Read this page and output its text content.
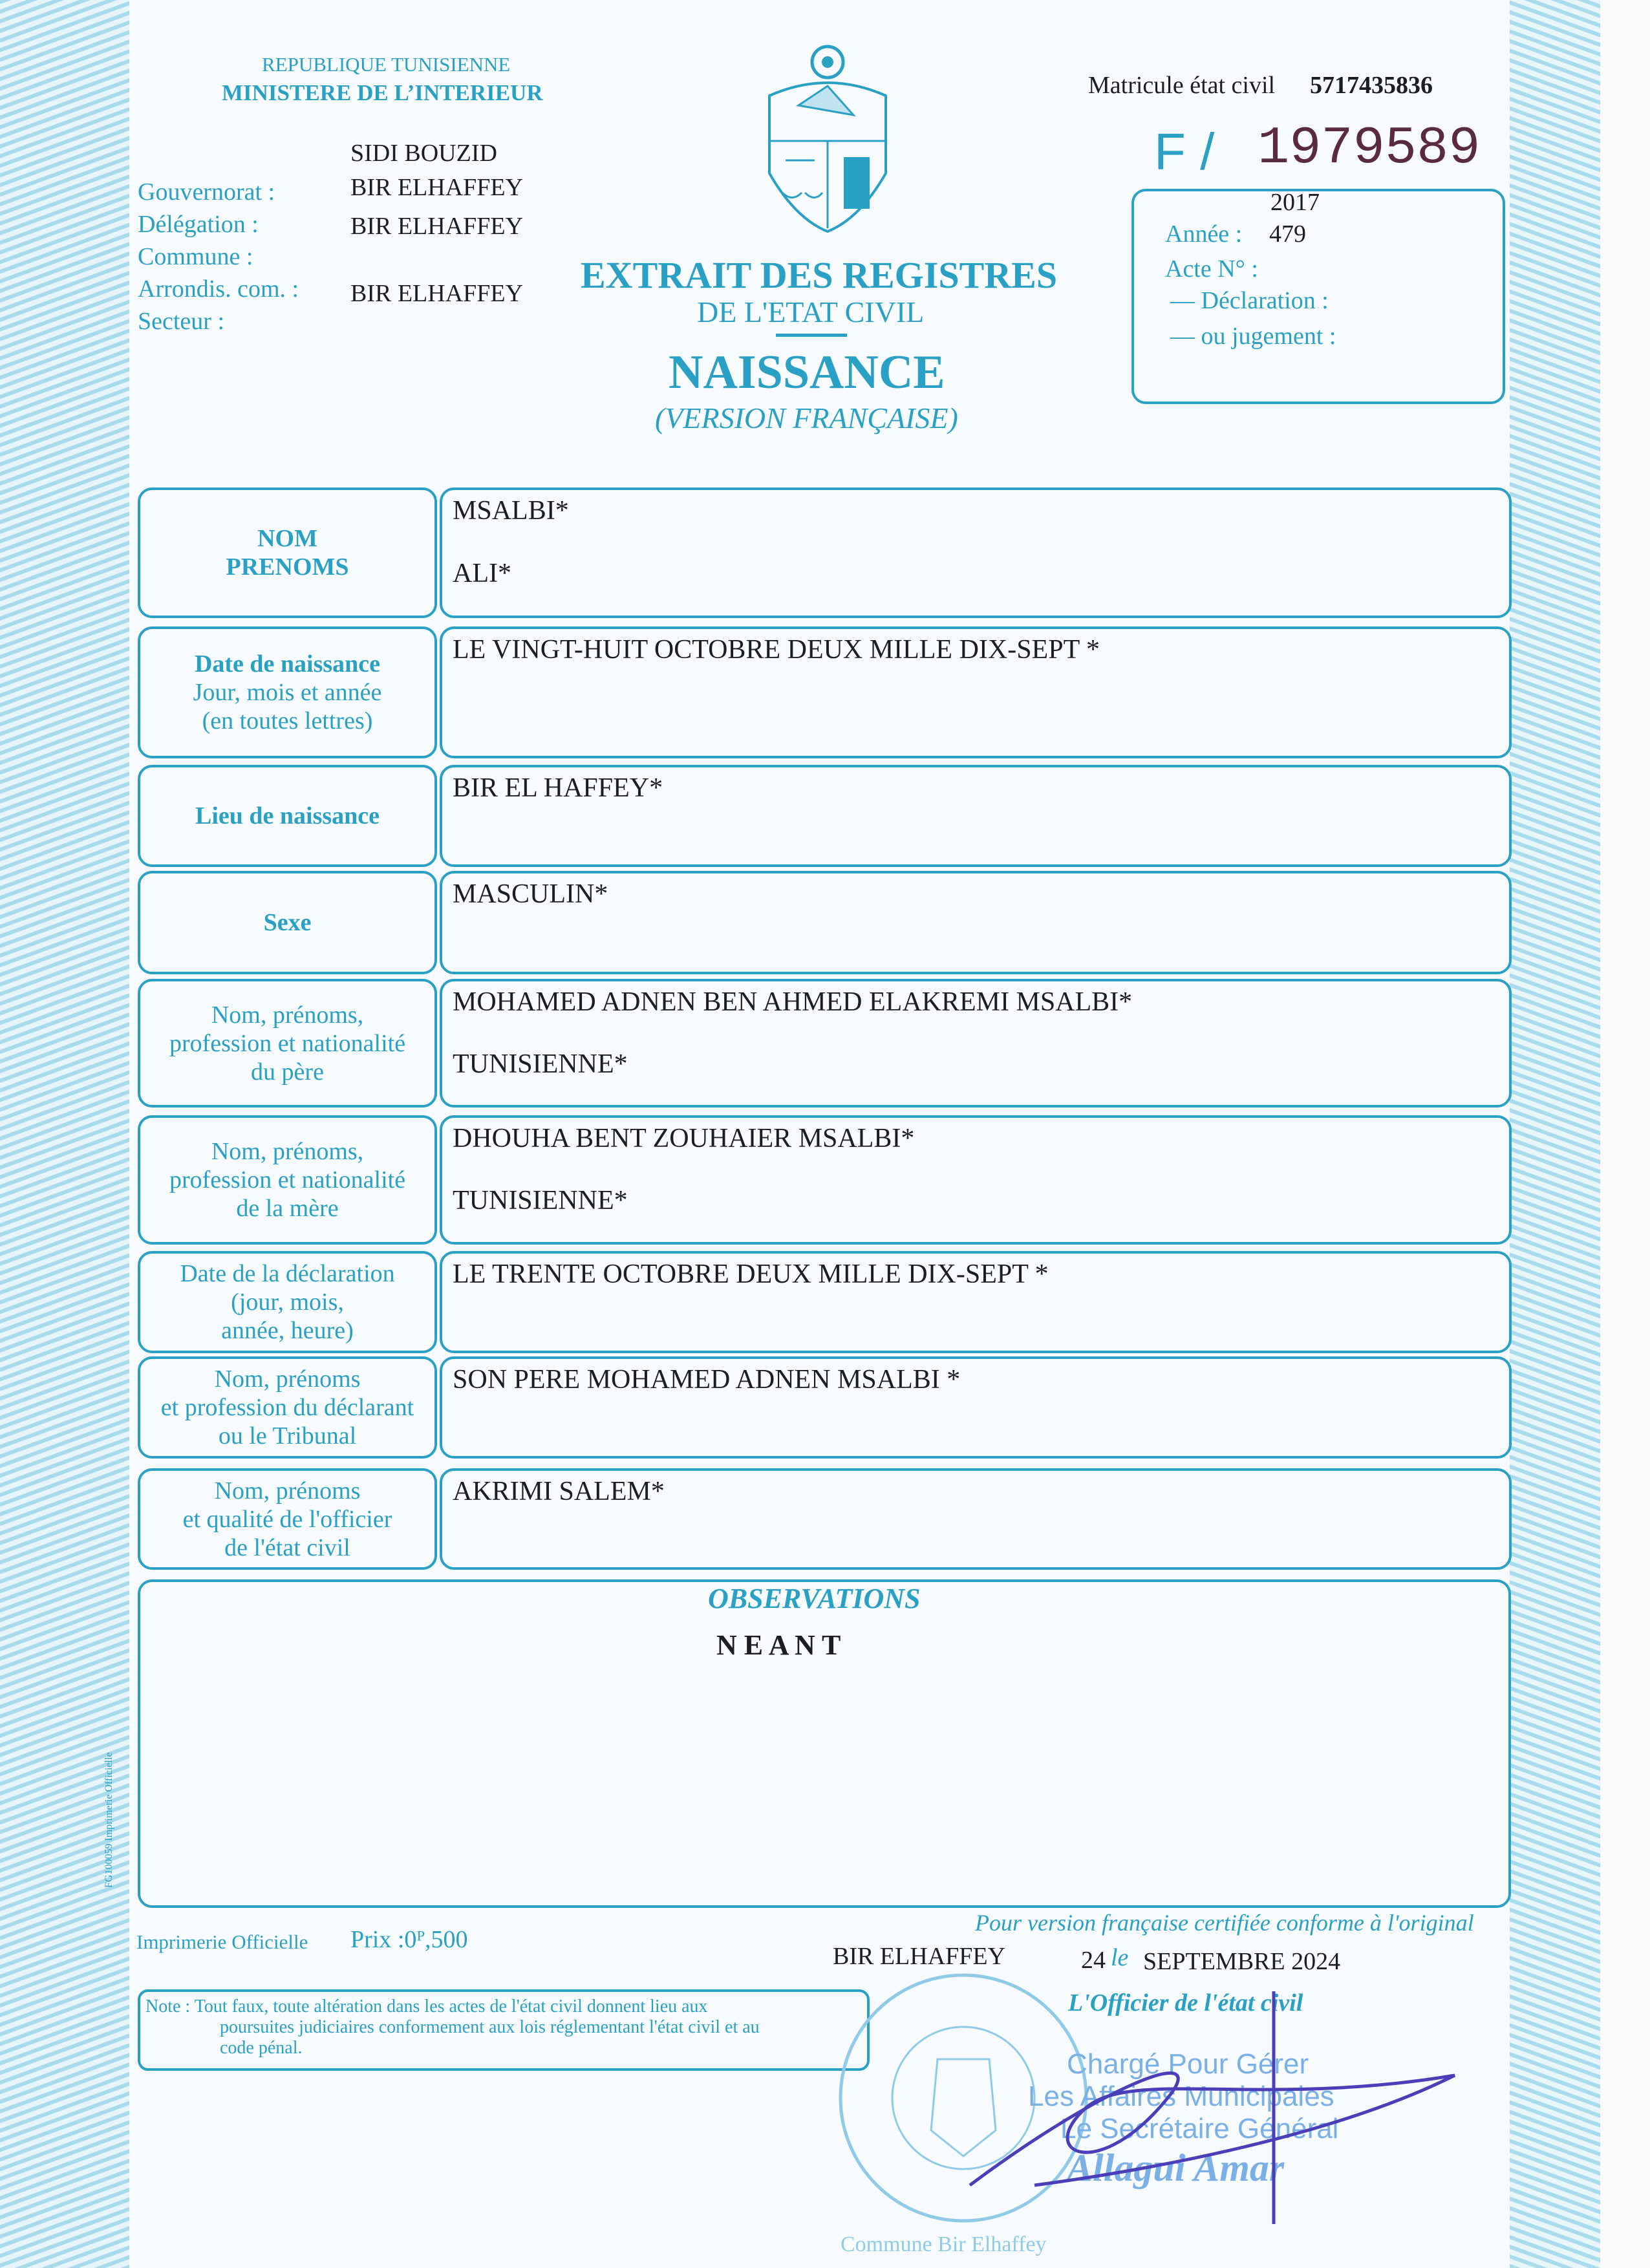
REPUBLIQUE TUNISIENNE
MINISTERE DE L’INTERIEUR	Matricule état civil 5717435836
F / 1979589
Gouvernorat :
Délégation :
Commune :
Arrondis. com. :
Secteur :
SIDI BOUZID
BIR ELHAFFEY
BIR ELHAFFEY
BIR ELHAFFEY EXTRAIT DES REGISTRES
DE L'ETAT CIVIL
NAISSANCE
(VERSION FRANÇAISE)
2017
Année : 479
Acte N° :
— Déclaration :
— ou jugement :
NOM
PRENOMS
MSALBI*
ALI*
Date de naissance
Jour, mois et année
(en toutes lettres)
LE VINGT-HUIT OCTOBRE DEUX MILLE DIX-SEPT *
Lieu de naissance
BIR EL HAFFEY*
Sexe
MASCULIN*
Nom, prénoms,
profession et nationalité
du père
MOHAMED ADNEN BEN AHMED ELAKREMI MSALBI*
TUNISIENNE*
Nom, prénoms,
profession et nationalité
de la mère
DHOUHA BENT ZOUHAIER MSALBI*
TUNISIENNE*
Date de la déclaration
(jour, mois,
année, heure)
LE TRENTE OCTOBRE DEUX MILLE DIX-SEPT *
Nom, prénoms
et profession du déclarant
ou le Tribunal
SON PERE MOHAMED ADNEN MSALBI *
Nom, prénoms
et qualité de l'officier
de l'état civil
AKRIMI SALEM*
OBSERVATIONS
N E A N T
FG100059 Imprimerie Officielle
Imprimerie Officielle Prix :0ᴾ,500
Pour version française certifiée conforme à l'original
BIR ELHAFFEY	24 le SEPTEMBRE 2024
L'Officier de l'état civil
Note : Tout faux, toute altération dans les actes de l'état civil donnent lieu aux
poursuites judiciaires conformement aux lois réglementant l'état civil et au
code pénal.
Commune Bir Elhaffey
Chargé Pour Gérer
Les Affaires Municipales
Le Secrétaire Général
Allagui Amar
